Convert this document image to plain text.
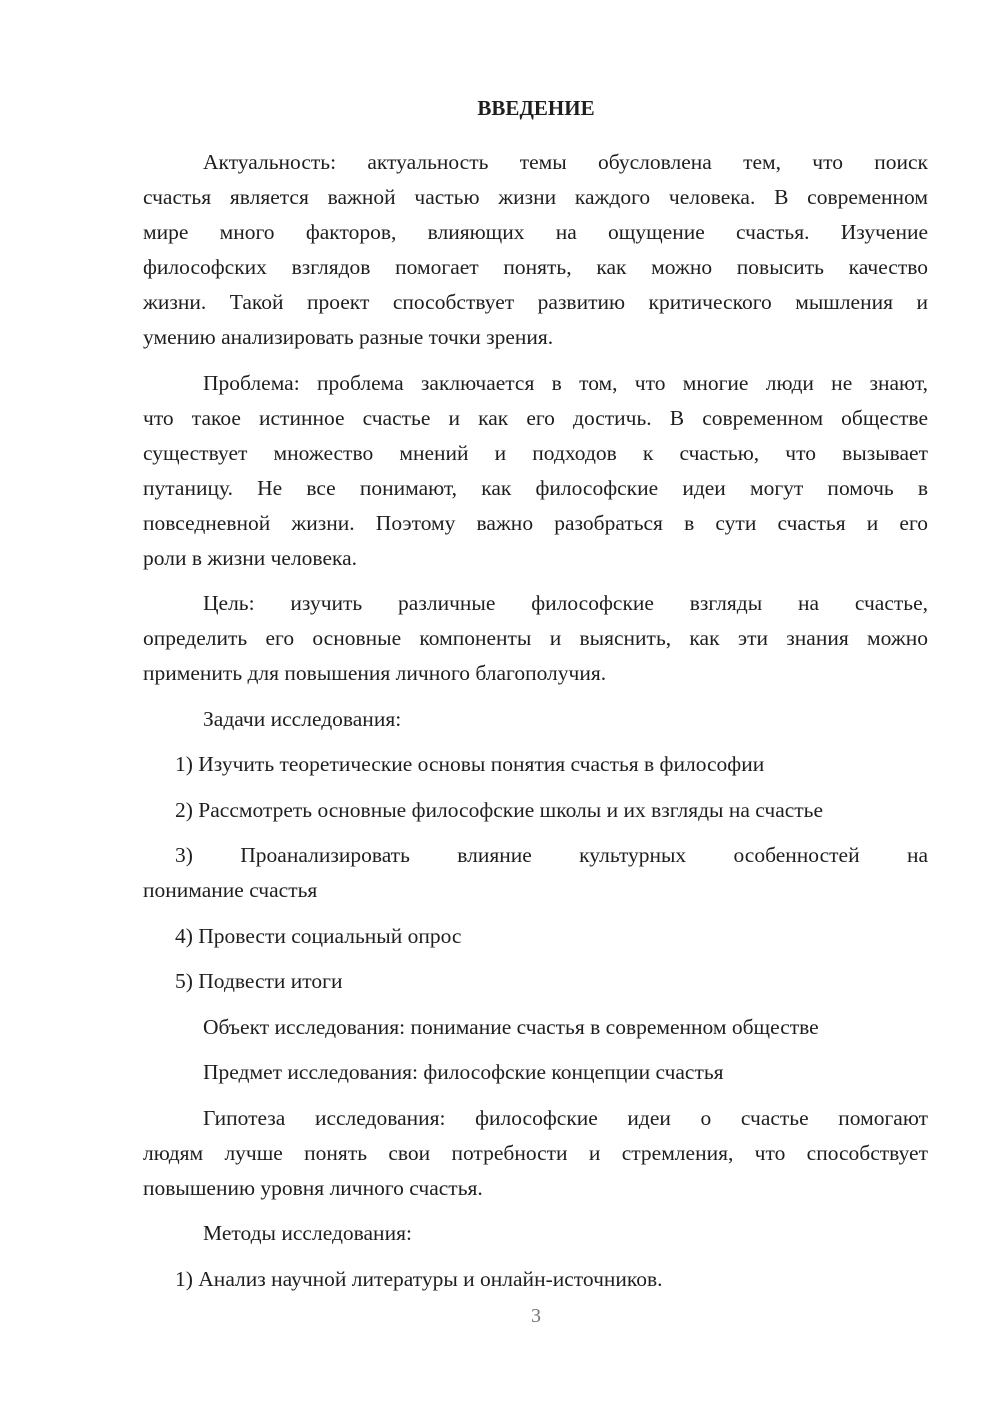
ВВЕДЕНИЕ
Актуальность: актуальность темы обусловлена тем, что поиск
счастья является важной частью жизни каждого человека. В современном
мире много факторов, влияющих на ощущение счастья. Изучение
философских взглядов помогает понять, как можно повысить качество
жизни. Такой проект способствует развитию критического мышления и
умению анализировать разные точки зрения.
Проблема: проблема заключается в том, что многие люди не знают,
что такое истинное счастье и как его достичь. В современном обществе
существует множество мнений и подходов к счастью, что вызывает
путаницу. Не все понимают, как философские идеи могут помочь в
повседневной жизни. Поэтому важно разобраться в сути счастья и его
роли в жизни человека.
Цель: изучить различные философские взгляды на счастье,
определить его основные компоненты и выяснить, как эти знания можно
применить для повышения личного благополучия.
Задачи исследования:
1) Изучить теоретические основы понятия счастья в философии
2) Рассмотреть основные философские школы и их взгляды на счастье
3) Проанализировать влияние культурных особенностей на
понимание счастья
4) Провести социальный опрос
5) Подвести итоги
Объект исследования: понимание счастья в современном обществе
Предмет исследования: философские концепции счастья
Гипотеза исследования: философские идеи о счастье помогают
людям лучше понять свои потребности и стремления, что способствует
повышению уровня личного счастья.
Методы исследования:
1) Анализ научной литературы и онлайн-источников.
3
